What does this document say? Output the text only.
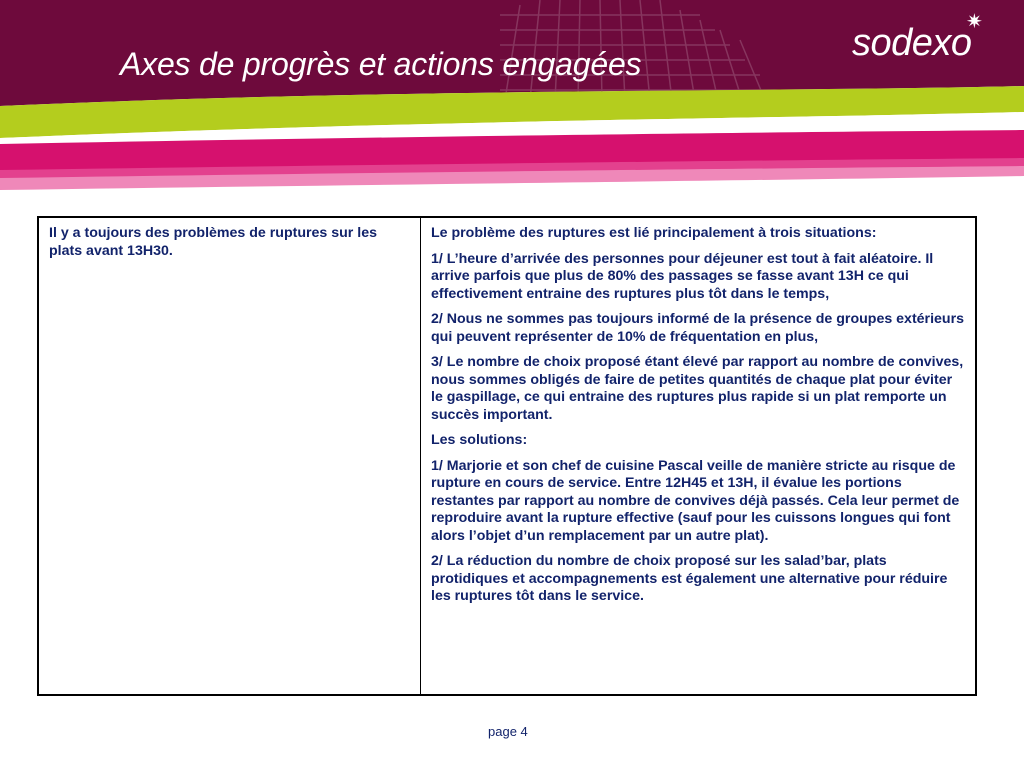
Axes de progrès et actions engagées	sodexo
✷

Il y a toujours des problèmes de ruptures sur les plats avant 13H30.

Le problème des ruptures est lié principalement à trois situations:

1/ L’heure d’arrivée des personnes pour déjeuner est tout à fait aléatoire. Il arrive parfois que plus de 80% des passages se fasse avant 13H ce qui effectivement entraine des ruptures plus tôt dans le temps,

2/ Nous ne sommes pas toujours informé de la présence de groupes extérieurs qui peuvent représenter de 10% de fréquentation en plus,

3/ Le nombre de choix proposé étant élevé par rapport au nombre de convives, nous sommes obligés de faire de petites quantités de chaque plat pour éviter le gaspillage, ce qui entraine des ruptures plus rapide si un plat remporte un succès important.

Les solutions:

1/ Marjorie et son chef de cuisine Pascal veille de manière stricte au risque de rupture en cours de service. Entre 12H45 et 13H, il évalue les portions restantes par rapport au nombre de convives déjà passés. Cela leur permet de reproduire avant la rupture effective (sauf pour les cuissons longues qui font alors l’objet d’un remplacement par un autre plat).

2/ La réduction du nombre de choix proposé sur les salad’bar, plats protidiques et accompagnements est également une alternative pour réduire les ruptures tôt dans le service.

page 4
